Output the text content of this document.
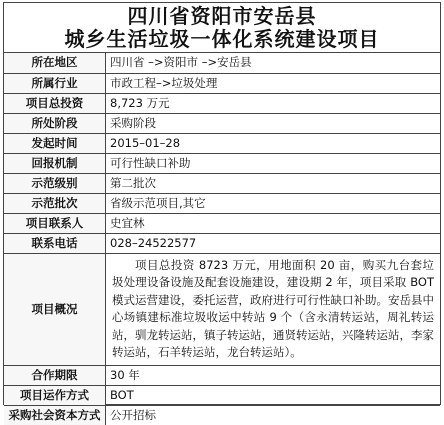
四川省资阳市安岳县
城乡生活垃圾一体化系统建设项目
所在地区	四川省 –>资阳市 –>安岳县
所属行业	市政工程–>垃圾处理
项目总投资	8,723 万元
所处阶段	采购阶段
发起时间	2015–01–28
回报机制	可行性缺口补助
示范级别	第二批次
示范批次	省级示范项目,其它
项目联系人	史宜林
联系电话	028–24522577
项目概况	项目总投资 8723 万元，用地面积 20 亩，购买九台套垃圾处理设备设施及配套设施建设，建设期 2 年，项目采取 BOT 模式运营建设，委托运营，政府进行可行性缺口补助。安岳县中心场镇建标准垃圾收运中转站 9 个（含永清转运站，周礼转运站，驯龙转运站，镇子转运站，通贤转运站，兴隆转运站，李家转运站，石羊转运站，龙台转运站）。
合作期限	30 年
项目运作方式	BOT
采购社会资本方式	公开招标
